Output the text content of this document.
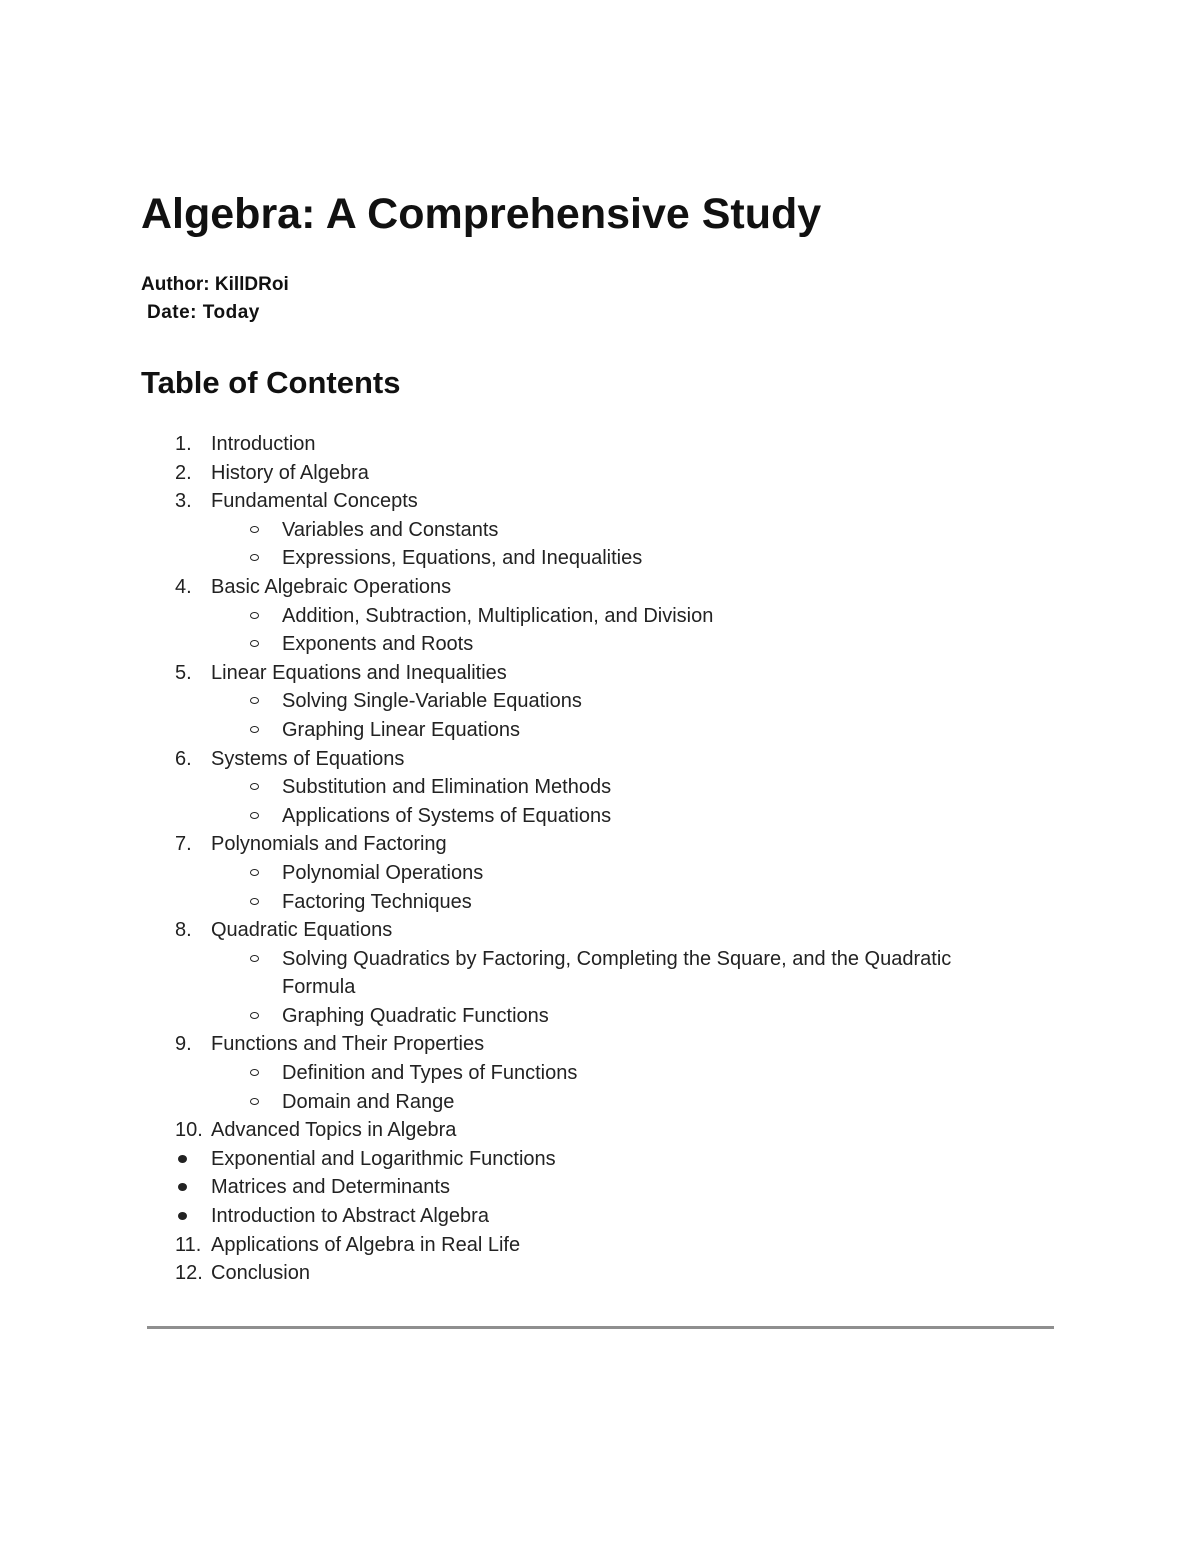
Algebra: A Comprehensive Study

Author: KillDRoi

Date: Today

Table of Contents
1. Introduction
2. History of Algebra
3. Fundamental Concepts
Variables and Constants
Expressions, Equations, and Inequalities
4. Basic Algebraic Operations
Addition, Subtraction, Multiplication, and Division
Exponents and Roots
5. Linear Equations and Inequalities
Solving Single-Variable Equations
Graphing Linear Equations
6. Systems of Equations
Substitution and Elimination Methods
Applications of Systems of Equations
7. Polynomials and Factoring
Polynomial Operations
Factoring Techniques
8. Quadratic Equations
Solving Quadratics by Factoring, Completing the Square, and the Quadratic Formula
Graphing Quadratic Functions
9. Functions and Their Properties
Definition and Types of Functions
Domain and Range
10. Advanced Topics in Algebra
Exponential and Logarithmic Functions
Matrices and Determinants
Introduction to Abstract Algebra
11. Applications of Algebra in Real Life
12. Conclusion
